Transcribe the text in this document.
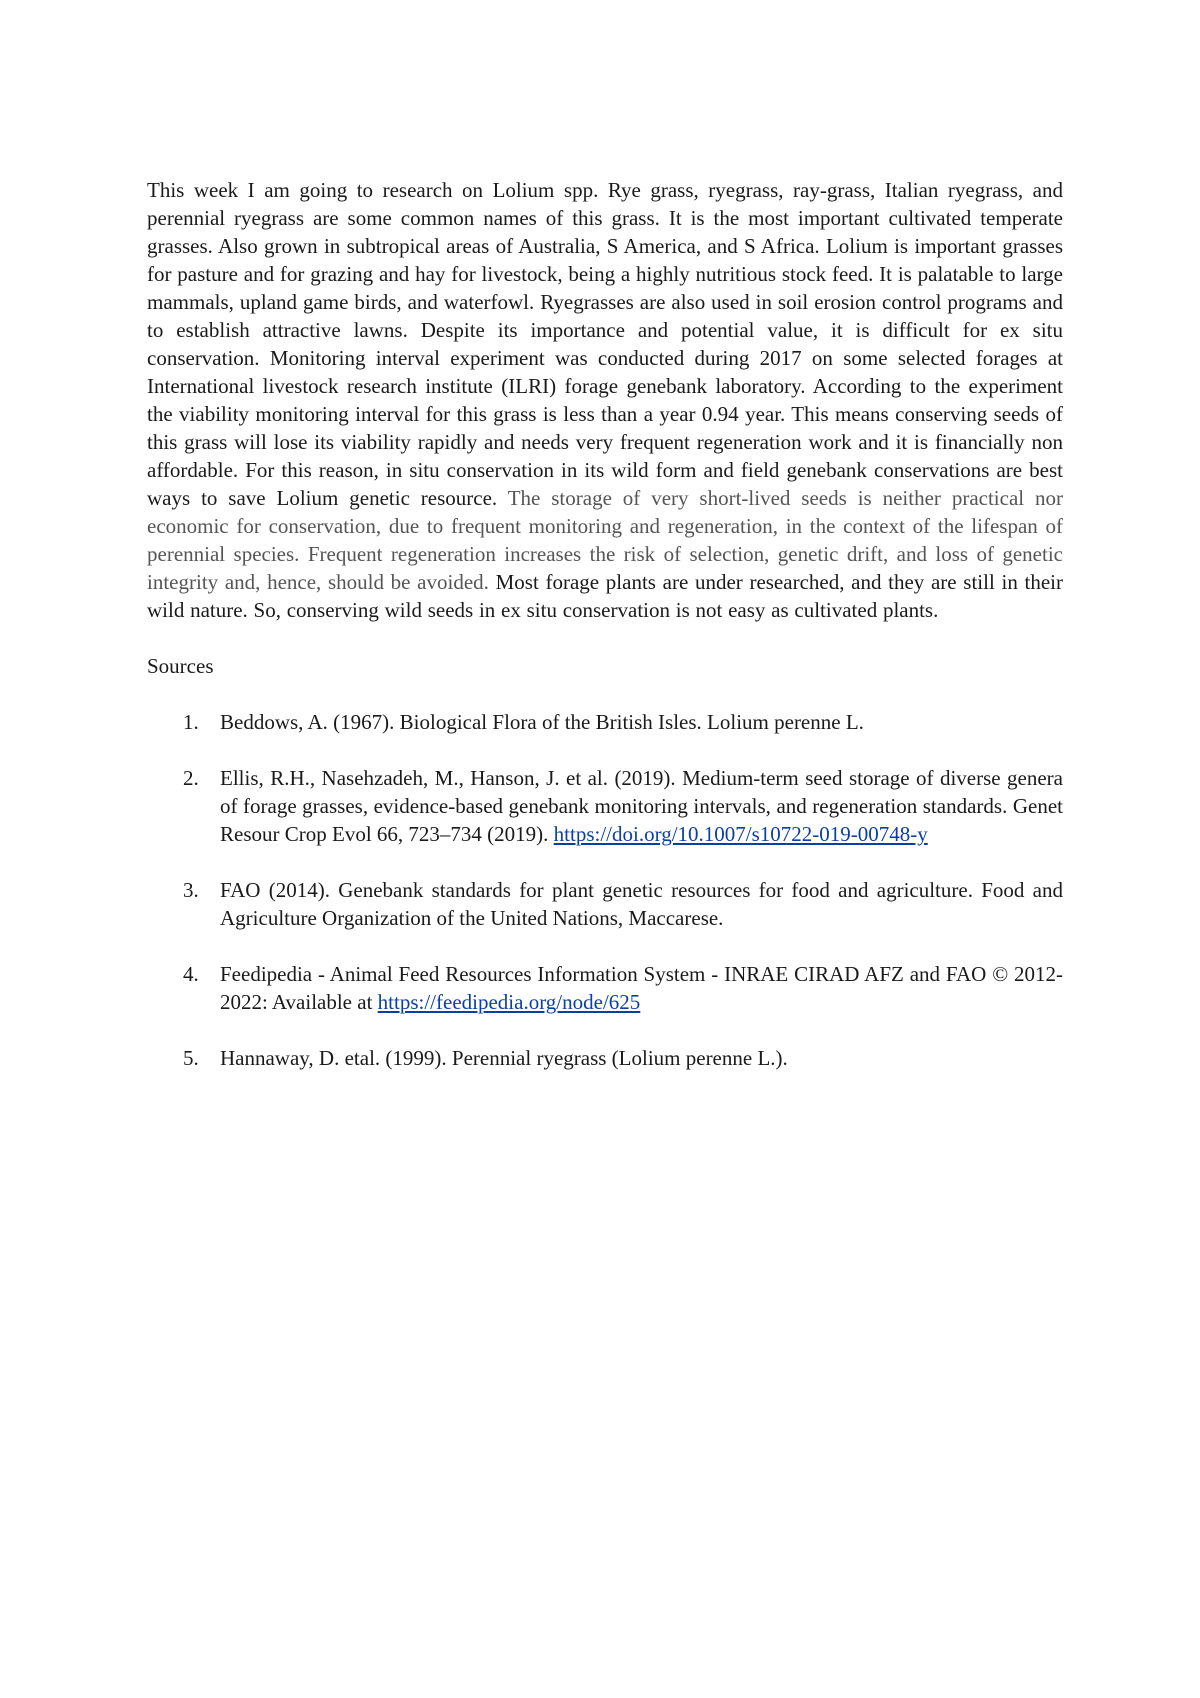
This week I am going to research on Lolium spp. Rye grass, ryegrass, ray-grass, Italian ryegrass, and perennial ryegrass are some common names of this grass. It is the most important cultivated temperate grasses. Also grown in subtropical areas of Australia, S America, and S Africa. Lolium is important grasses for pasture and for grazing and hay for livestock, being a highly nutritious stock feed. It is palatable to large mammals, upland game birds, and waterfowl. Ryegrasses are also used in soil erosion control programs and to establish attractive lawns. Despite its importance and potential value, it is difficult for ex situ conservation. Monitoring interval experiment was conducted during 2017 on some selected forages at International livestock research institute (ILRI) forage genebank laboratory. According to the experiment the viability monitoring interval for this grass is less than a year 0.94 year. This means conserving seeds of this grass will lose its viability rapidly and needs very frequent regeneration work and it is financially non affordable. For this reason, in situ conservation in its wild form and field genebank conservations are best ways to save Lolium genetic resource. The storage of very short-lived seeds is neither practical nor economic for conservation, due to frequent monitoring and regeneration, in the context of the lifespan of perennial species. Frequent regeneration increases the risk of selection, genetic drift, and loss of genetic integrity and, hence, should be avoided. Most forage plants are under researched, and they are still in their wild nature. So, conserving wild seeds in ex situ conservation is not easy as cultivated plants.

Sources
1. Beddows, A. (1967). Biological Flora of the British Isles. Lolium perenne L.
2. Ellis, R.H., Nasehzadeh, M., Hanson, J. et al. (2019). Medium-term seed storage of diverse genera of forage grasses, evidence-based genebank monitoring intervals, and regeneration standards. Genet Resour Crop Evol 66, 723–734 (2019). https://doi.org/10.1007/s10722-019-00748-y
3. FAO (2014). Genebank standards for plant genetic resources for food and agriculture. Food and Agriculture Organization of the United Nations, Maccarese.
4. Feedipedia - Animal Feed Resources Information System - INRAE CIRAD AFZ and FAO © 2012-2022: Available at https://feedipedia.org/node/625
5. Hannaway, D. etal. (1999). Perennial ryegrass (Lolium perenne L.).
